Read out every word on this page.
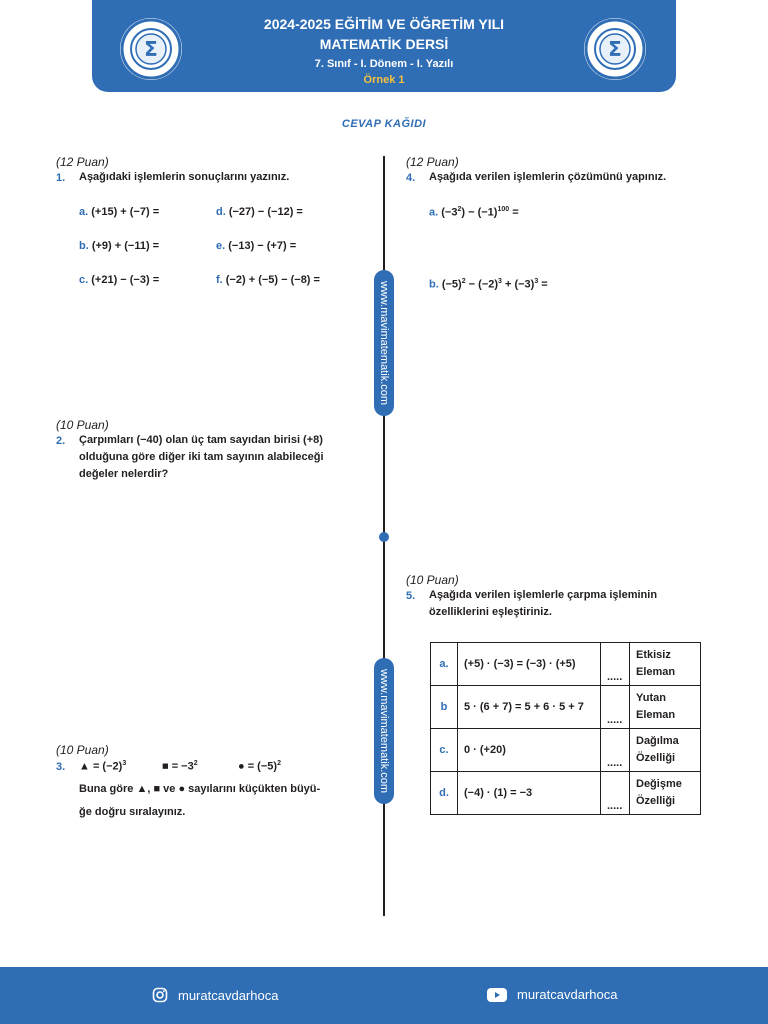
2024-2025 EĞİTİM VE ÖĞRETİM YILI
MATEMATİK DERSİ
7. Sınıf - I. Dönem - I. Yazılı
Örnek 1
Σ	Σ
CEVAP KAĞIDI
www.mavimatematik.com
www.mavimatematik.com
(12 Puan)
1. Aşağıdaki işlemlerin sonuçlarını yazınız.
a. (+15) + (−7) =
b. (+9) + (−11) =
c. (+21) − (−3) =
d. (−27) − (−12) =
e. (−13) − (+7) =
f. (−2) + (−5) − (−8) =
(10 Puan)
2. Çarpımları (−40) olan üç tam sayıdan birisi (+8)
olduğuna göre diğer iki tam sayının alabileceği
değeler nelerdir?
(10 Puan)
3. ▲ = $(-2)^3$	■ = $-3^2$	● = $(-5)^2$
Buna göre ▲, ■ ve ● sayılarını küçükten büyü-
ğe doğru sıralayınız.
(12 Puan)
4. Aşağıda verilen işlemlerin çözümünü yapınız.
a. $(-3^2) - (-1)^{100}$ =
b. $(-5)^2 - (-2)^3 + (-3)^3$ =
(10 Puan)
5. Aşağıda verilen işlemlerle çarpma işleminin
özelliklerini eşleştiriniz.
a.	(+5) · (−3) = (−3) · (+5)	.....	Etkisiz
Eleman

b	5 · (6 + 7) = 5 + 6 · 5 + 7	.....	Yutan
Eleman

c.	0 · (+20)	.....	Dağılma
Özelliği

d.	(−4) · (1) = −3	.....	Değişme
Özelliği
muratcavdarhoca	muratcavdarhoca
